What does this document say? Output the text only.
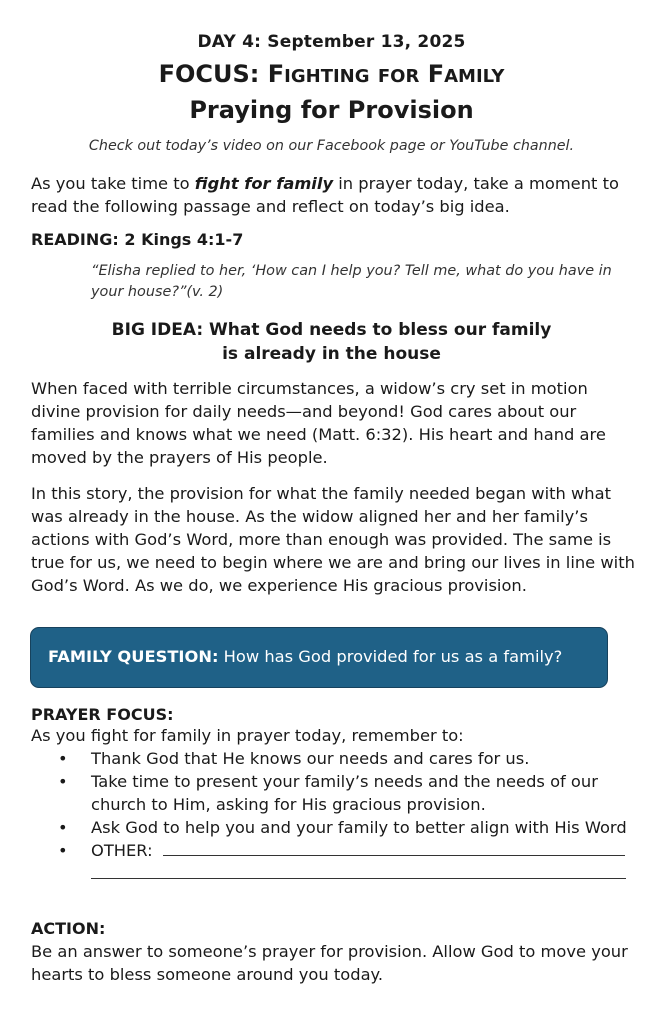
DAY 4: September 13, 2025
FOCUS: FIGHTING FOR FAMILY
Praying for Provision
Check out today’s video on our Facebook page or YouTube channel.
As you take time to fight for family in prayer today, take a moment to read the following passage and reflect on today’s big idea.
READING: 2 Kings 4:1-7
“Elisha replied to her, ‘How can I help you? Tell me, what do you have in your house?”(v. 2)
BIG IDEA: What God needs to bless our family
is already in the house
When faced with terrible circumstances, a widow’s cry set in motion divine provision for daily needs—and beyond! God cares about our families and knows what we need (Matt. 6:32). His heart and hand are moved by the prayers of His people.
In this story, the provision for what the family needed began with what was already in the house. As the widow aligned her and her family’s actions with God’s Word, more than enough was provided. The same is true for us, we need to begin where we are and bring our lives in line with God’s Word. As we do, we experience His gracious provision.
FAMILY QUESTION: How has God provided for us as a family?
PRAYER FOCUS:
As you fight for family in prayer today, remember to:
• Thank God that He knows our needs and cares for us.
• Take time to present your family’s needs and the needs of our church to Him, asking for His gracious provision.
• Ask God to help you and your family to better align with His Word
• OTHER:

ACTION:
Be an answer to someone’s prayer for provision. Allow God to move your hearts to bless someone around you today.
